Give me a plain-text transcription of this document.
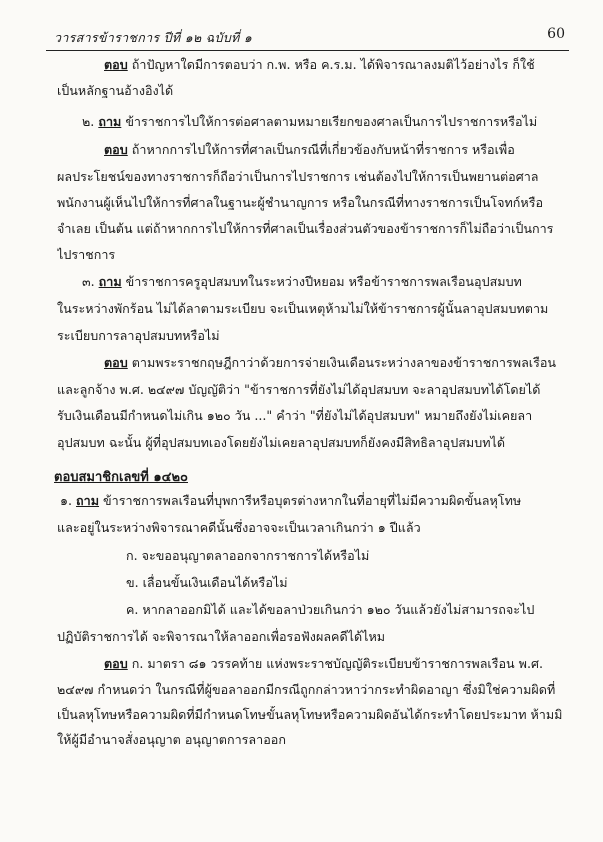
วารสารข้าราชการ ปีที่ ๑๒ ฉบับที่ ๑	60
ตอบ ถ้าปัญหาใดมีการตอบว่า ก.พ. หรือ ค.ร.ม. ได้พิจารณาลงมติไว้อย่างไร ก็ใช้
เป็นหลักฐานอ้างอิงได้
๒. ถาม ข้าราชการไปให้การต่อศาลตามหมายเรียกของศาลเป็นการไปราชการหรือไม่
ตอบ ถ้าหากการไปให้การที่ศาลเป็นกรณีที่เกี่ยวข้องกับหน้าที่ราชการ หรือเพื่อ
ผลประโยชน์ของทางราชการก็ถือว่าเป็นการไปราชการ เช่นต้องไปให้การเป็นพยานต่อศาล
พนักงานผู้เห็นไปให้การที่ศาลในฐานะผู้ชำนาญการ หรือในกรณีที่ทางราชการเป็นโจทก์หรือ
จำเลย เป็นต้น แต่ถ้าหากการไปให้การที่ศาลเป็นเรื่องส่วนตัวของข้าราชการก็ไม่ถือว่าเป็นการ
ไปราชการ
๓. ถาม ข้าราชการครูอุปสมบทในระหว่างปีหยอม หรือข้าราชการพลเรือนอุปสมบท
ในระหว่างพักร้อน ไม่ได้ลาตามระเบียบ จะเป็นเหตุห้ามไม่ให้ข้าราชการผู้นั้นลาอุปสมบทตาม
ระเบียบการลาอุปสมบทหรือไม่
ตอบ ตามพระราชกฤษฎีกาว่าด้วยการจ่ายเงินเดือนระหว่างลาของข้าราชการพลเรือน
และลูกจ้าง พ.ศ. ๒๔๙๗ บัญญัติว่า "ข้าราชการที่ยังไม่ได้อุปสมบท จะลาอุปสมบทได้โดยได้
รับเงินเดือนมีกำหนดไม่เกิน ๑๒๐ วัน ..." คำว่า "ที่ยังไม่ได้อุปสมบท" หมายถึงยังไม่เคยลา
อุปสมบท ฉะนั้น ผู้ที่อุปสมบทเองโดยยังไม่เคยลาอุปสมบทก็ยังคงมีสิทธิลาอุปสมบทได้
๑. ถาม ข้าราชการพลเรือนที่บุพการีหรือบุตรต่างหากในที่อายุที่ไม่มีความผิดขั้นลหุโทษ
และอยู่ในระหว่างพิจารณาคดีนั้นซึ่งอาจจะเป็นเวลาเกินกว่า ๑ ปีแล้ว
ก. จะขออนุญาตลาออกจากราชการได้หรือไม่
ข. เลื่อนขั้นเงินเดือนได้หรือไม่
ค. หากลาออกมิได้ และได้ขอลาป่วยเกินกว่า ๑๒๐ วันแล้วยังไม่สามารถจะไป
ปฏิบัติราชการได้ จะพิจารณาให้ลาออกเพื่อรอฟังผลคดีได้ไหม
ตอบ ก. มาตรา ๘๑ วรรคท้าย แห่งพระราชบัญญัติระเบียบข้าราชการพลเรือน พ.ศ.
๒๔๙๗ กำหนดว่า ในกรณีที่ผู้ขอลาออกมีกรณีถูกกล่าวหาว่ากระทำผิดอาญา ซึ่งมิใช่ความผิดที่
เป็นลหุโทษหรือความผิดที่มีกำหนดโทษขั้นลหุโทษหรือความผิดอันได้กระทำโดยประมาท ห้ามมิ
ให้ผู้มีอำนาจสั่งอนุญาต อนุญาตการลาออก
ตอบสมาชิกเลขที่ ๑๔๒๐
